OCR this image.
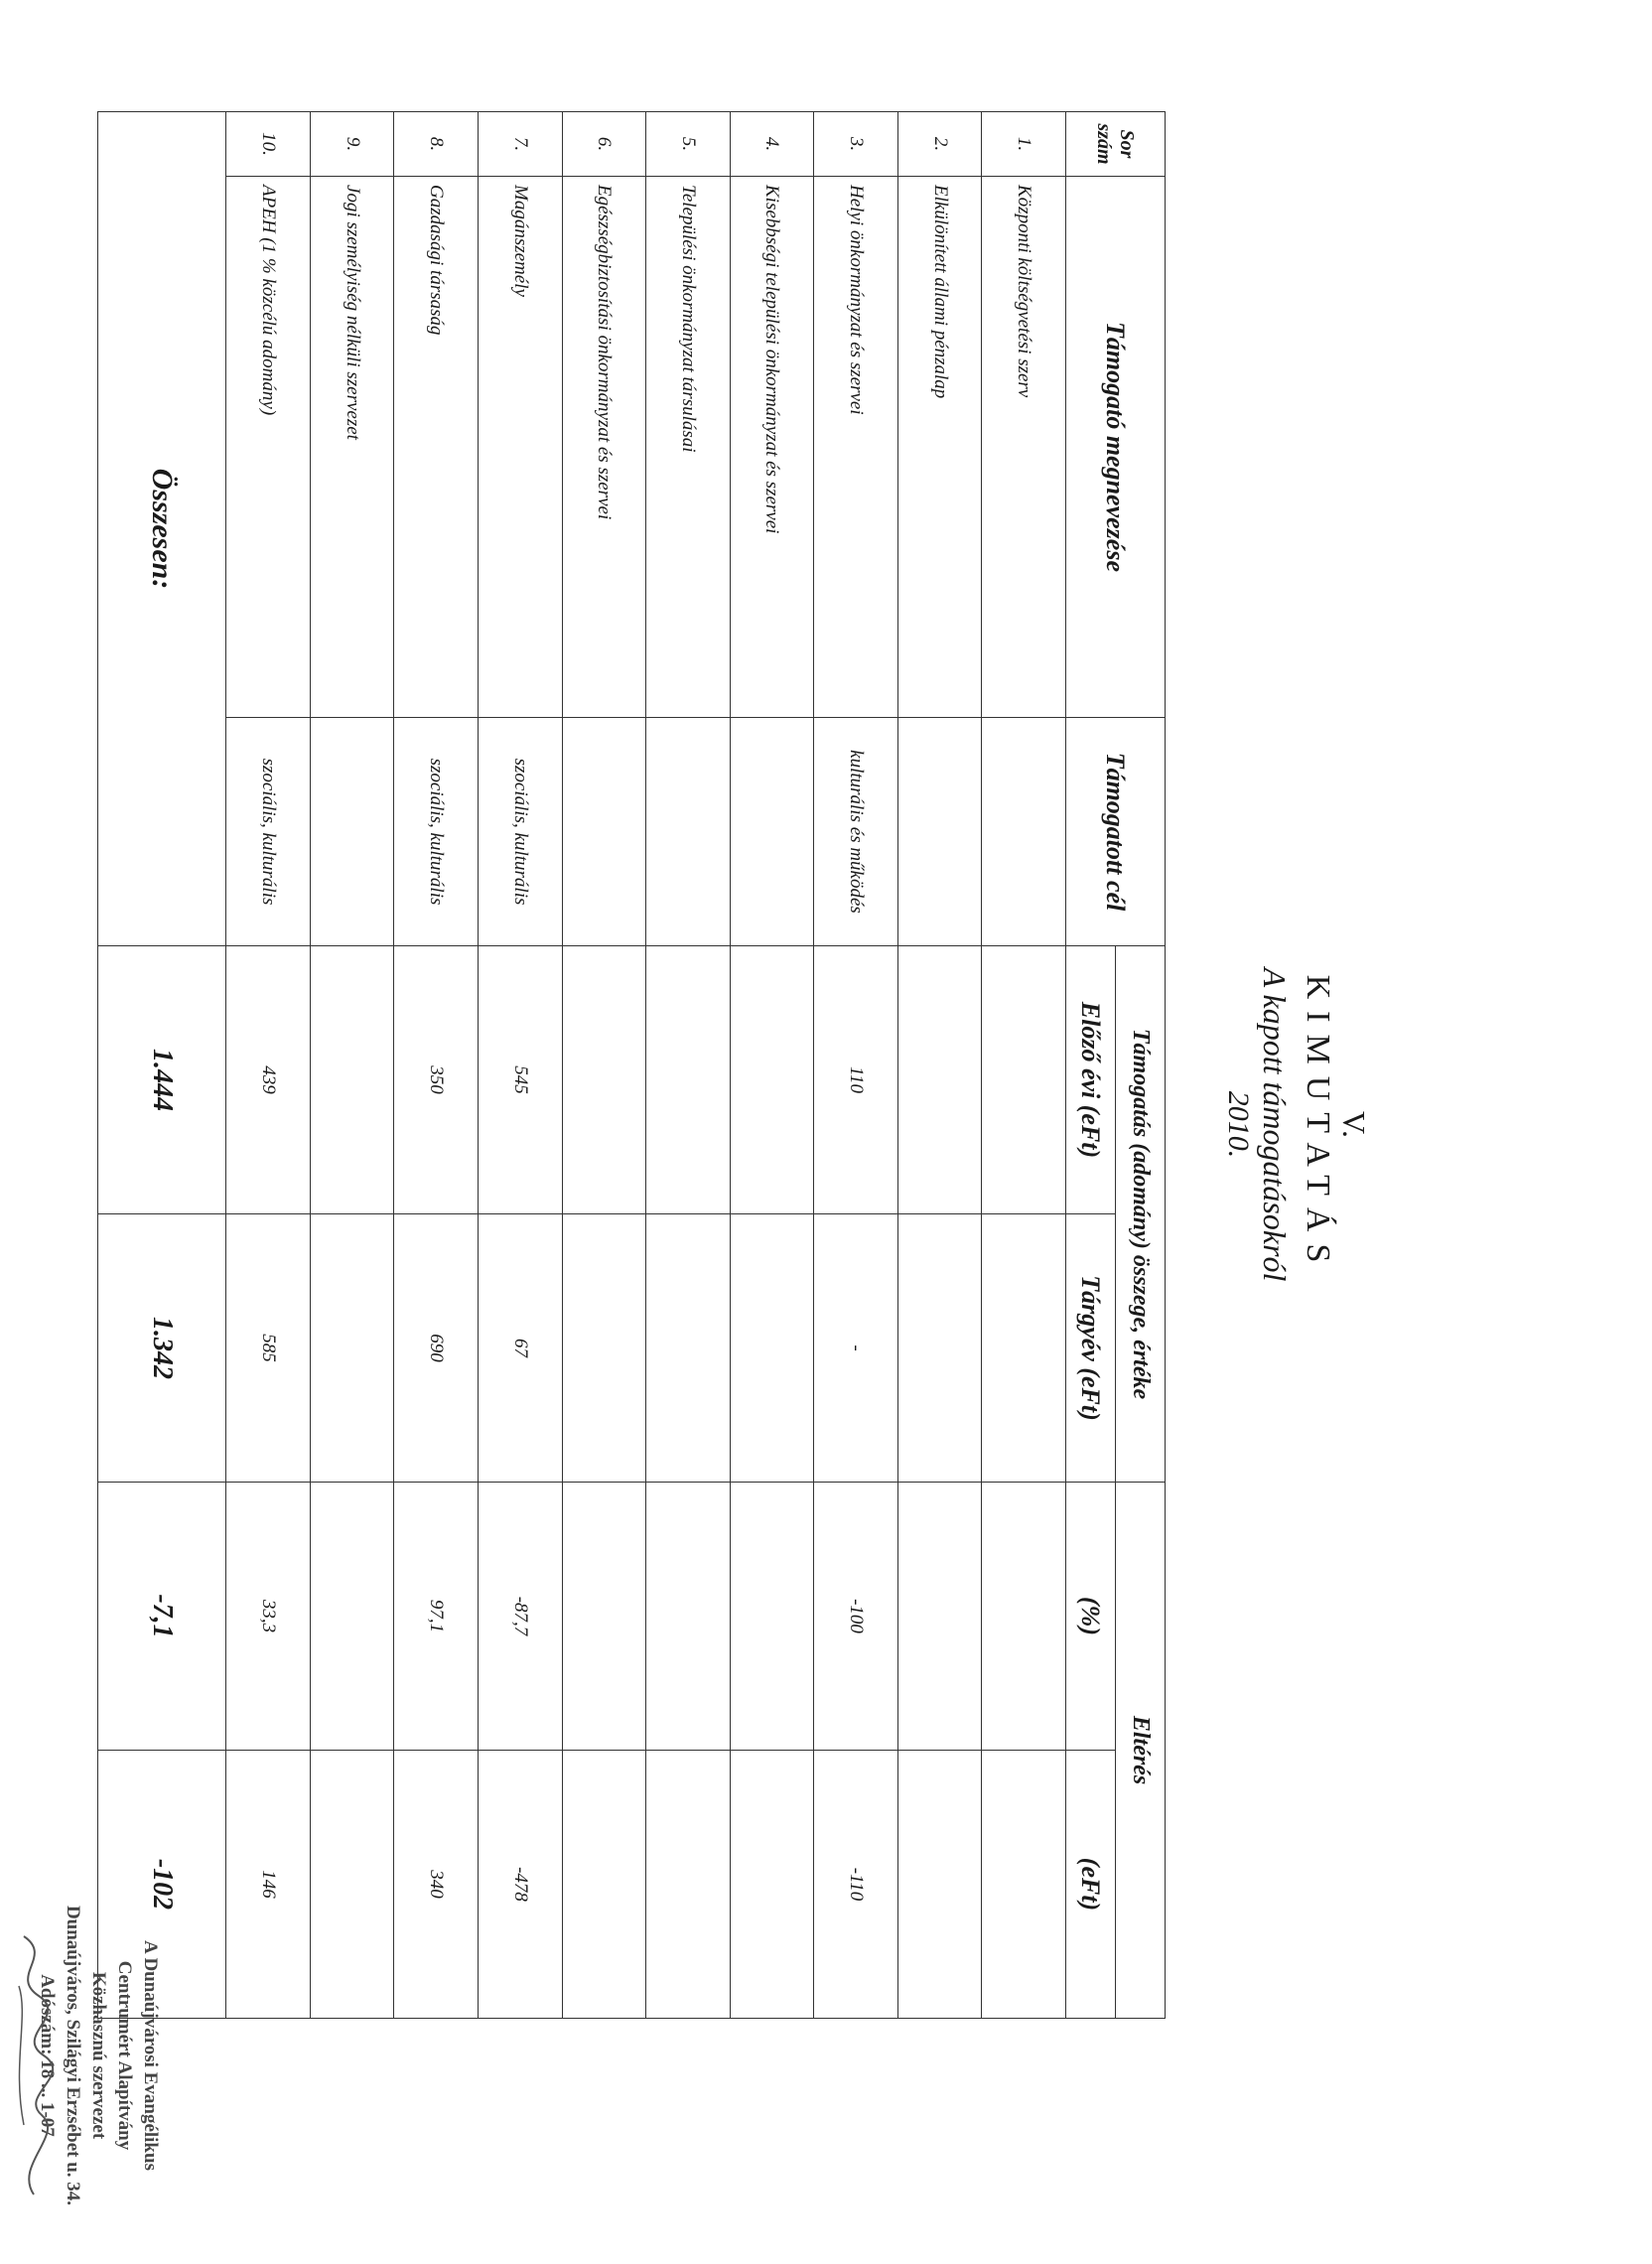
V.
KIMUTATÁS
A kapott támogatásokról
2010.
Sor szám	Támogató megnevezése	Támogatott cél	Támogatás (adomány) összege, értéke		Eltérés	
			Előző évi (eFt)	Tárgyév (eFt)	(%)	(eFt)
1.	Központi költségvetési szerv					
2.	Elkülönített állami pénzalap					
3.	Helyi önkormányzat és szervei	kulturális és működés	110	-	-100	-110
4.	Kisebbségi települési önkormányzat és szervei					
5.	Települési önkormányzat társulásai					
6.	Egészségbiztosítási önkormányzat és szervei					
7.	Magánszemély	szociális, kulturális	545	67	-87,7	-478
8.	Gazdasági társaság	szociális, kulturális	350	690	97,1	340
9.	Jogi személyiség nélküli szervezet					
10.	APEH (1 % közcélú adomány)	szociális, kulturális	439	585	33,3	146
Összesen:			1.444	1.342	-7,1	-102
A Dunaújvárosi Evangélikus
Centrumért Alapítvány
Közhasznú szervezet
Dunaújváros, Szilágyi Erzsébet u. 34.
Adószám: 18 ... 1-07
